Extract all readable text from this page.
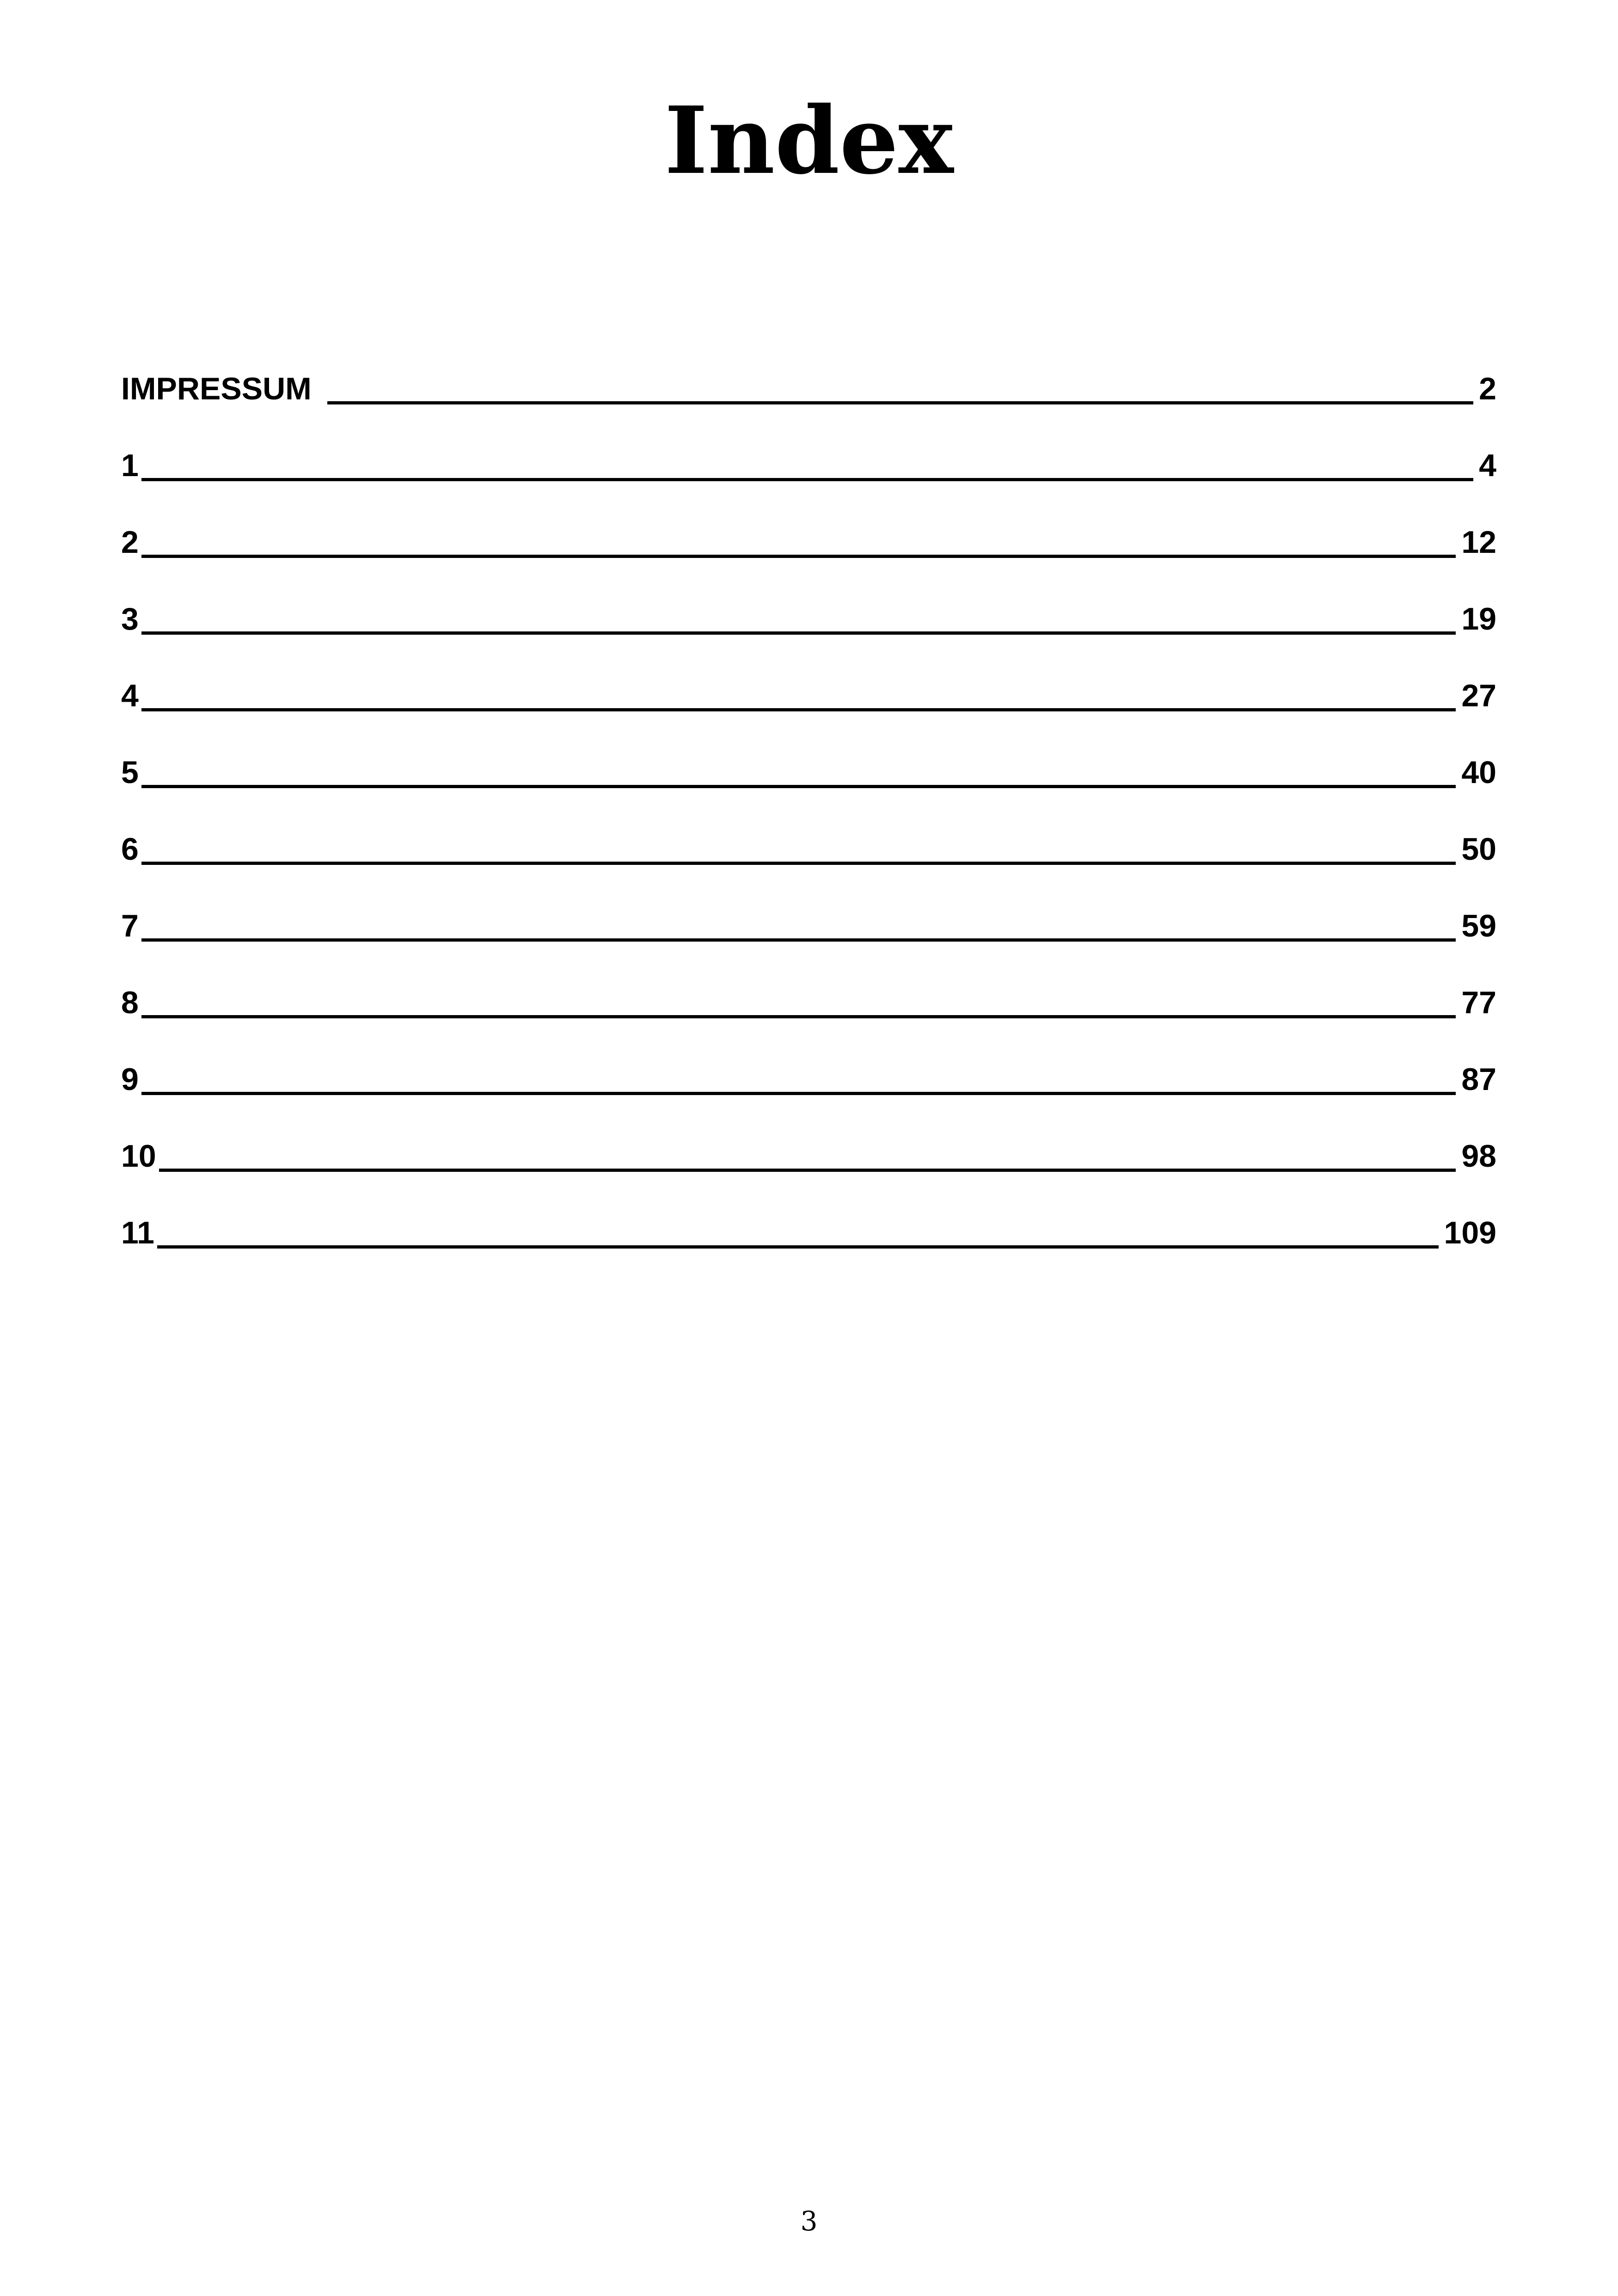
Index
IMPRESSUM	2
1	4
2	12
3	19
4	27
5	40
6	50
7	59
8	77
9	87
10	98
11	109
3
